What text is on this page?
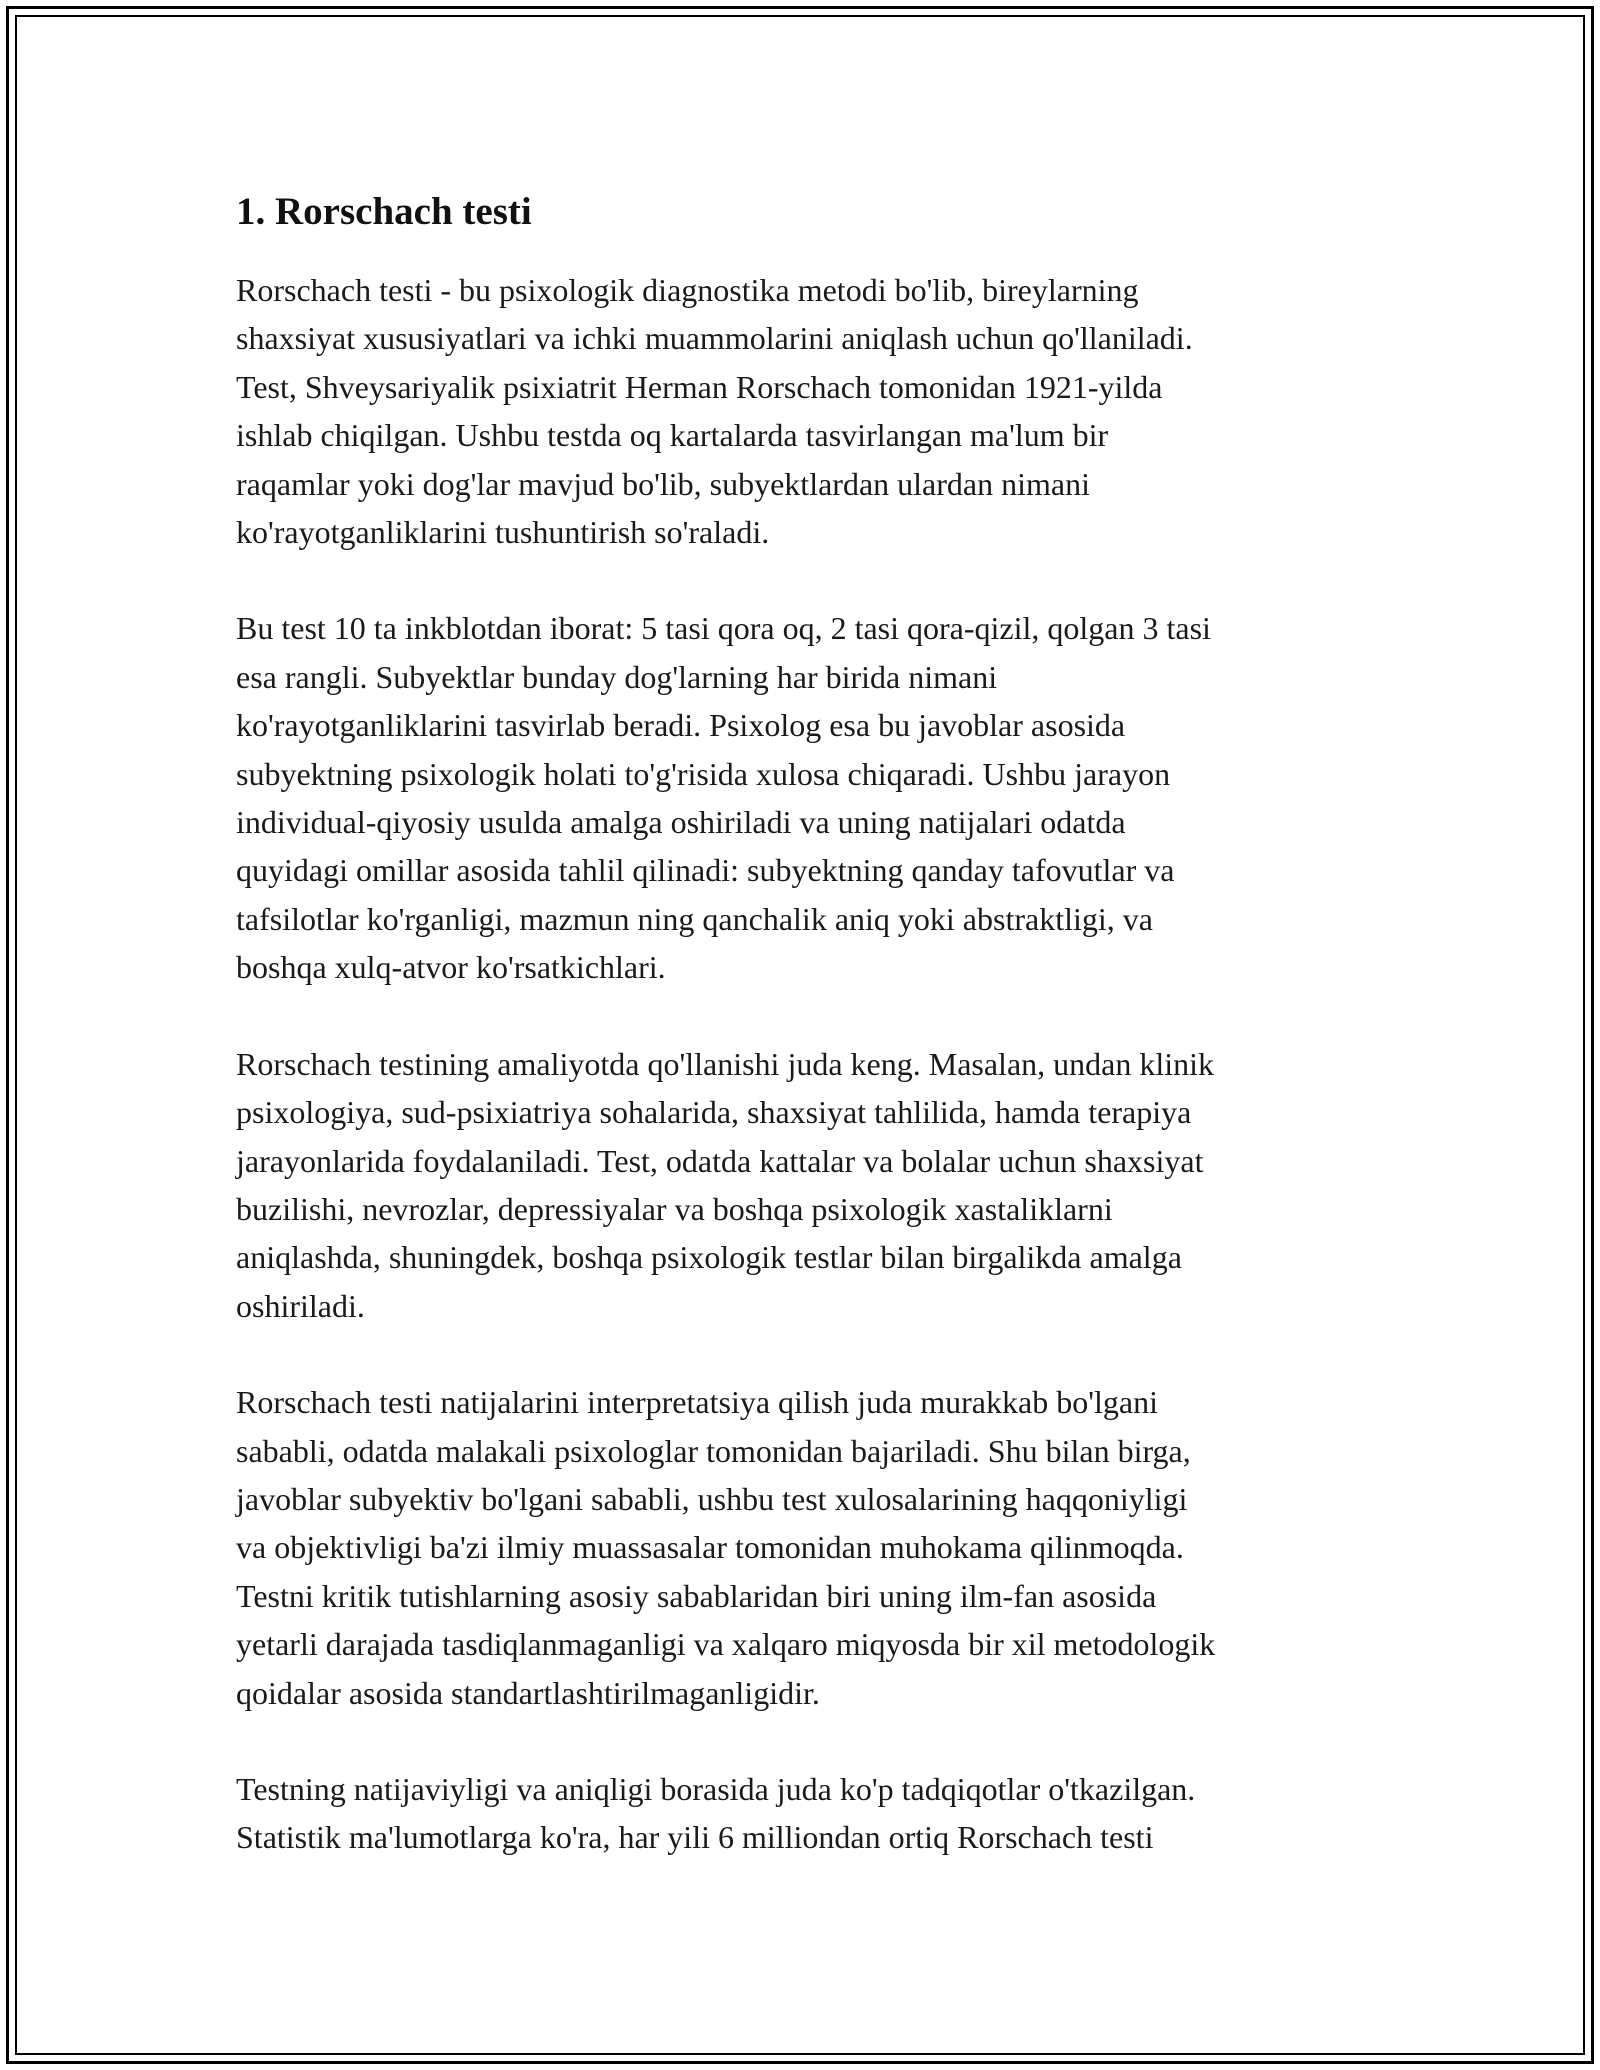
1. Rorschach testi

Rorschach testi - bu psixologik diagnostika metodi bo'lib, bireylarning
shaxsiyat xususiyatlari va ichki muammolarini aniqlash uchun qo'llaniladi.
Test, Shveysariyalik psixiatrit Herman Rorschach tomonidan 1921-yilda
ishlab chiqilgan. Ushbu testda oq kartalarda tasvirlangan ma'lum bir
raqamlar yoki dog'lar mavjud bo'lib, subyektlardan ulardan nimani
ko'rayotganliklarini tushuntirish so'raladi.

Bu test 10 ta inkblotdan iborat: 5 tasi qora oq, 2 tasi qora-qizil, qolgan 3 tasi
esa rangli. Subyektlar bunday dog'larning har birida nimani
ko'rayotganliklarini tasvirlab beradi. Psixolog esa bu javoblar asosida
subyektning psixologik holati to'g'risida xulosa chiqaradi. Ushbu jarayon
individual-qiyosiy usulda amalga oshiriladi va uning natijalari odatda
quyidagi omillar asosida tahlil qilinadi: subyektning qanday tafovutlar va
tafsilotlar ko'rganligi, mazmun ning qanchalik aniq yoki abstraktligi, va
boshqa xulq-atvor ko'rsatkichlari.

Rorschach testining amaliyotda qo'llanishi juda keng. Masalan, undan klinik
psixologiya, sud-psixiatriya sohalarida, shaxsiyat tahlilida, hamda terapiya
jarayonlarida foydalaniladi. Test, odatda kattalar va bolalar uchun shaxsiyat
buzilishi, nevrozlar, depressiyalar va boshqa psixologik xastaliklarni
aniqlashda, shuningdek, boshqa psixologik testlar bilan birgalikda amalga
oshiriladi.

Rorschach testi natijalarini interpretatsiya qilish juda murakkab bo'lgani
sababli, odatda malakali psixologlar tomonidan bajariladi. Shu bilan birga,
javoblar subyektiv bo'lgani sababli, ushbu test xulosalarining haqqoniyligi
va objektivligi ba'zi ilmiy muassasalar tomonidan muhokama qilinmoqda.
Testni kritik tutishlarning asosiy sabablaridan biri uning ilm-fan asosida
yetarli darajada tasdiqlanmaganligi va xalqaro miqyosda bir xil metodologik
qoidalar asosida standartlashtirilmaganligidir.

Testning natijaviyligi va aniqligi borasida juda ko'p tadqiqotlar o'tkazilgan.
Statistik ma'lumotlarga ko'ra, har yili 6 milliondan ortiq Rorschach testi
